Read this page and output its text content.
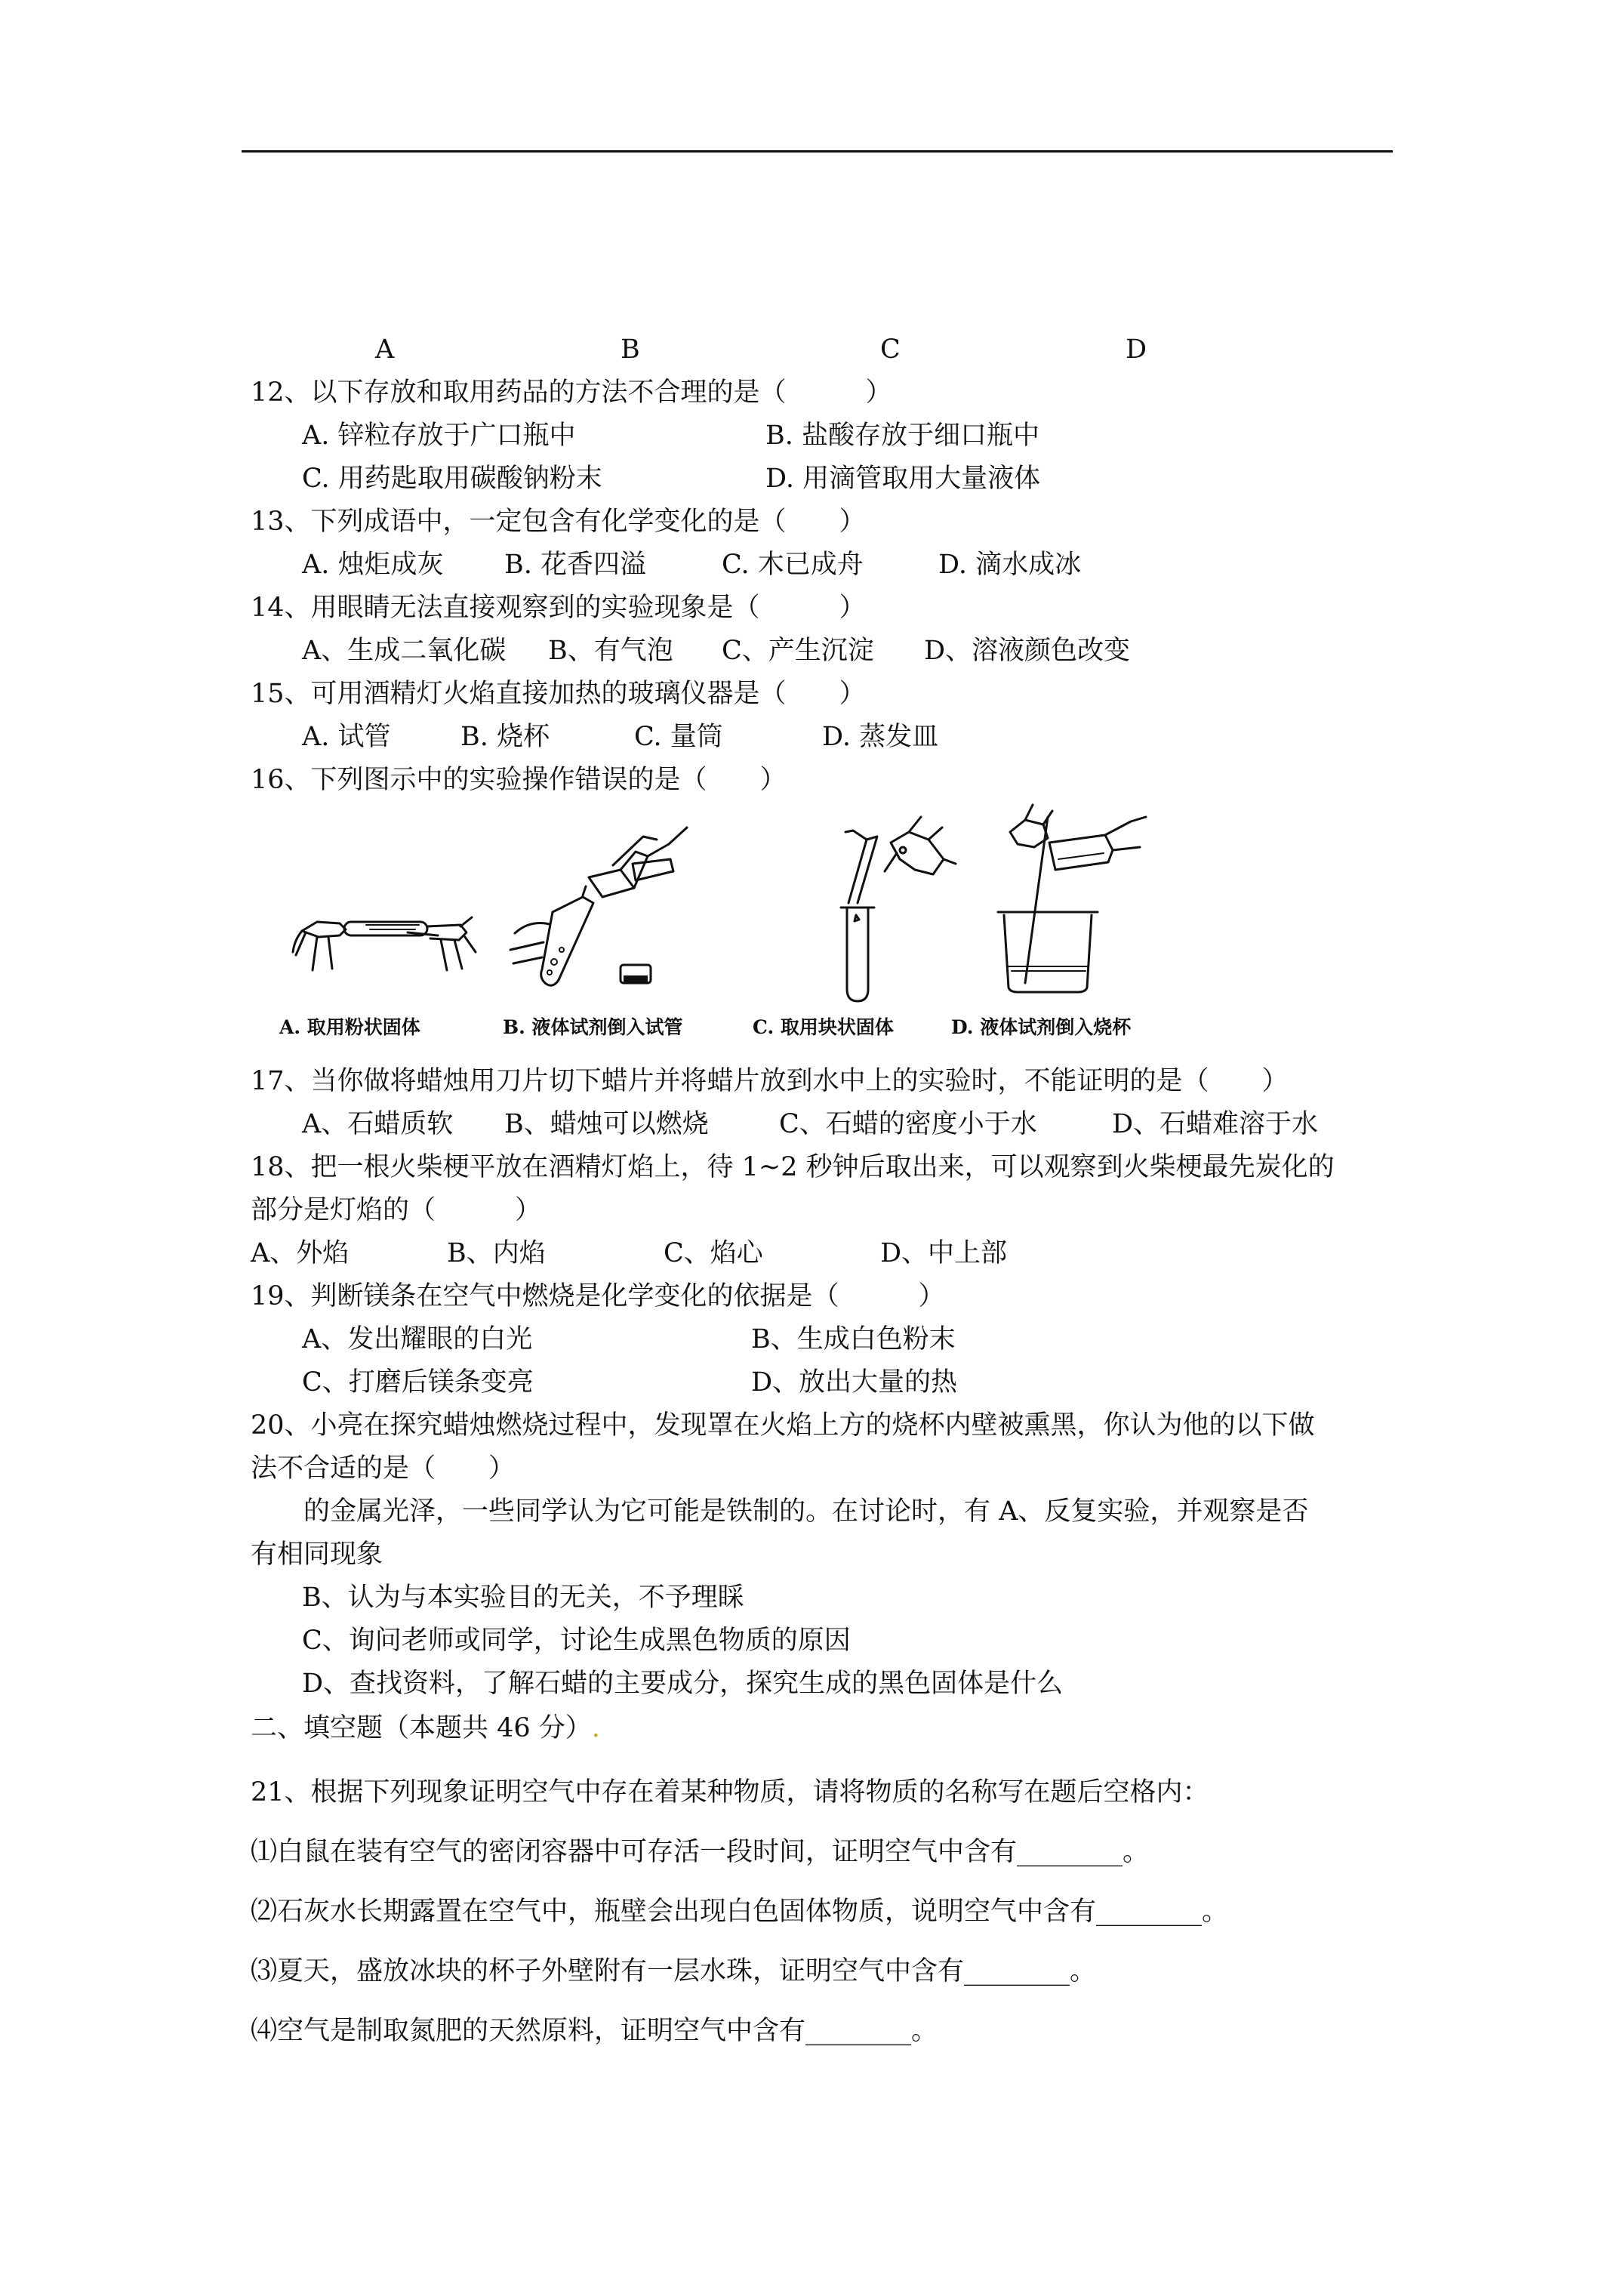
A	B	C	D
12、以下存放和取用药品的方法不合理的是（　　　）
A. 锌粒存放于广口瓶中	B. 盐酸存放于细口瓶中
C. 用药匙取用碳酸钠粉末	D. 用滴管取用大量液体
13、下列成语中，一定包含有化学变化的是（　　）
A. 烛炬成灰 B. 花香四溢	C. 木已成舟	D. 滴水成冰
14、用眼睛无法直接观察到的实验现象是（　　　）
A、生成二氧化碳 B、有气泡 C、产生沉淀 D、溶液颜色改变
15、可用酒精灯火焰直接加热的玻璃仪器是（　　）
A. 试管	B. 烧杯	C. 量筒	D. 蒸发皿
16、下列图示中的实验操作错误的是（　　）
A. 取用粉状固体	B. 液体试剂倒入试管	C. 取用块状固体	D. 液体试剂倒入烧杯
17、当你做将蜡烛用刀片切下蜡片并将蜡片放到水中上的实验时，不能证明的是（　　）
A、石蜡质软 B、蜡烛可以燃烧	C、石蜡的密度小于水	D、石蜡难溶于水
18、把一根火柴梗平放在酒精灯焰上，待 1~2 秒钟后取出来，可以观察到火柴梗最先炭化的
部分是灯焰的（　　　）
A、外焰	B、内焰	C、焰心	D、中上部
19、判断镁条在空气中燃烧是化学变化的依据是（　　　）
A、发出耀眼的白光	B、生成白色粉末
C、打磨后镁条变亮	D、放出大量的热
20、小亮在探究蜡烛燃烧过程中，发现罩在火焰上方的烧杯内壁被熏黑，你认为他的以下做
法不合适的是（　　）
的金属光泽，一些同学认为它可能是铁制的。在讨论时，有 A、反复实验，并观察是否
有相同现象
B、认为与本实验目的无关，不予理睬
C、询问老师或同学，讨论生成黑色物质的原因
D、查找资料，了解石蜡的主要成分，探究生成的黑色固体是什么
二、填空题（本题共 46 分）.
21、根据下列现象证明空气中存在着某种物质，请将物质的名称写在题后空格内：
⑴白鼠在装有空气的密闭容器中可存活一段时间，证明空气中含有________。
⑵石灰水长期露置在空气中，瓶壁会出现白色固体物质，说明空气中含有________。
⑶夏天，盛放冰块的杯子外壁附有一层水珠，证明空气中含有________。
⑷空气是制取氮肥的天然原料，证明空气中含有________。
